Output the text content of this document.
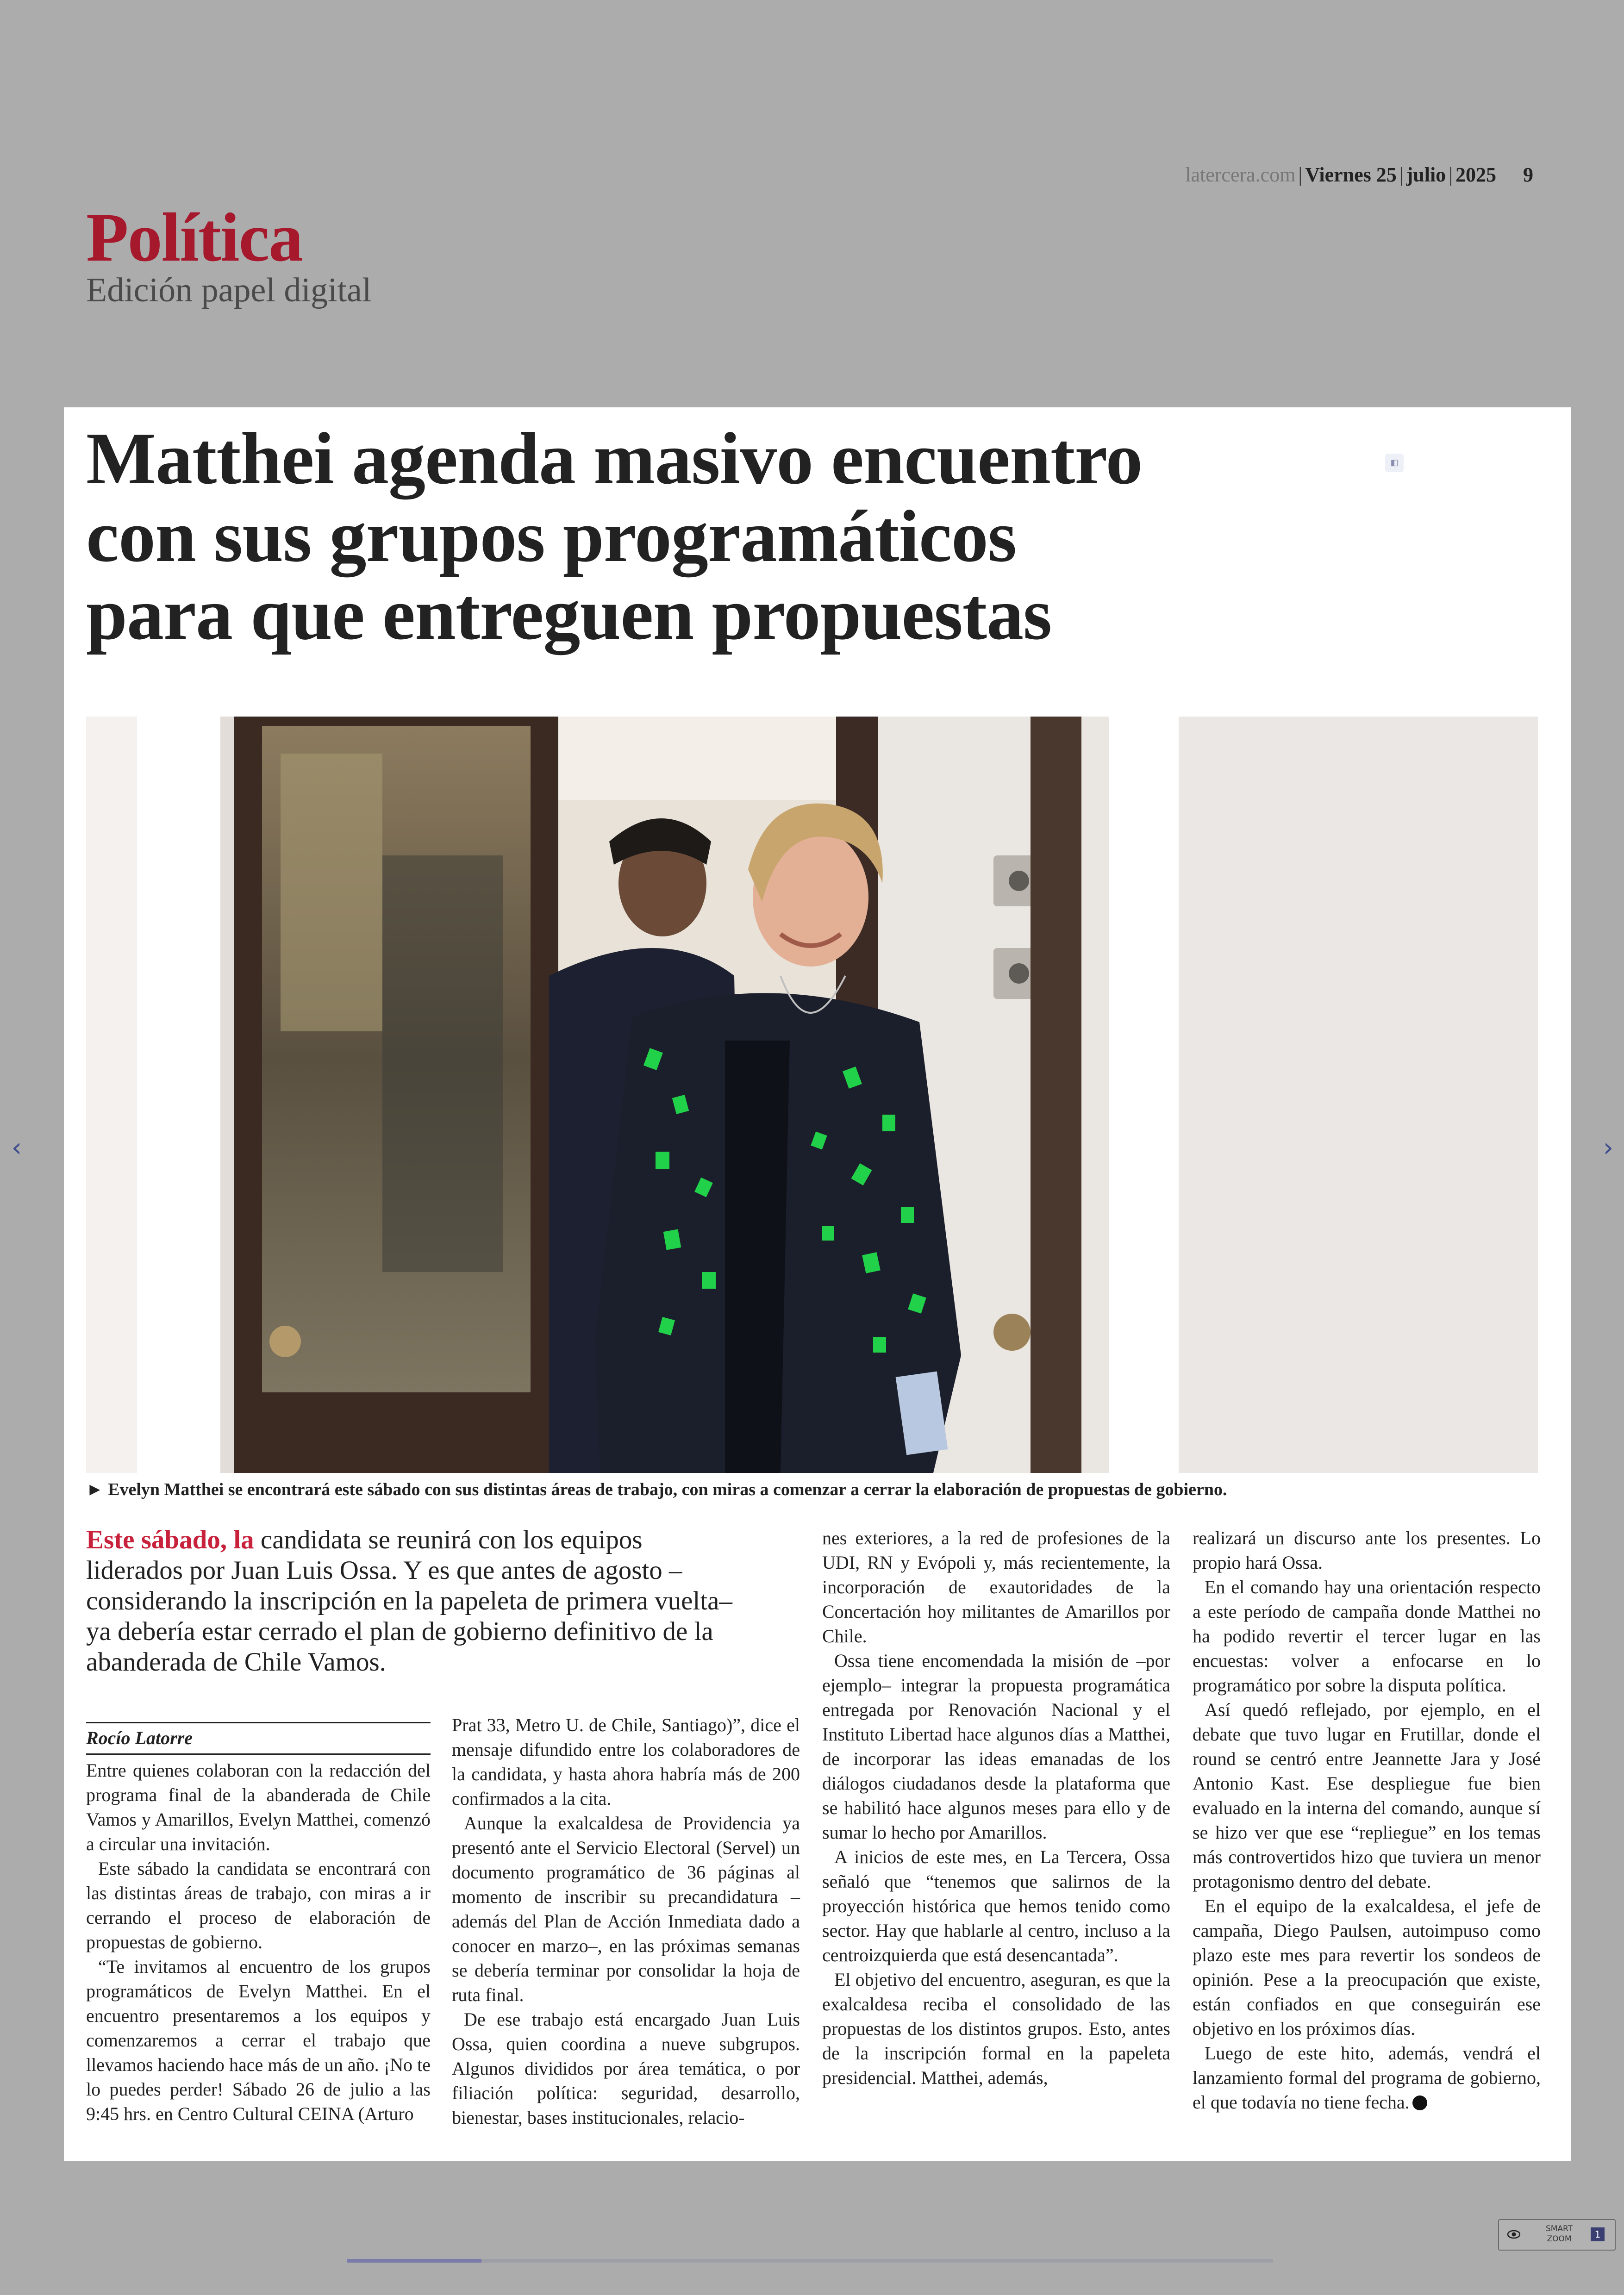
latercera.com | Viernes 25 | julio | 2025 9
Política
Edición papel digital
Matthei agenda masivo encuentro
con sus grupos programáticos
para que entreguen propuestas
◧
► Evelyn Matthei se encontrará este sábado con sus distintas áreas de trabajo, con miras a comenzar a cerrar la elaboración de propuestas de gobierno.
Este sábado, la candidata se reunirá con los equipos liderados por Juan Luis Ossa. Y es que antes de agosto –considerando la inscripción en la papeleta de primera vuelta– ya debería estar cerrado el plan de gobierno definitivo de la abanderada de Chile Vamos.
Rocío Latorre

Entre quienes colaboran con la redacción del programa final de la abanderada de Chile Vamos y Amarillos, Evelyn Matthei, comenzó a circular una invitación.

Este sábado la candidata se encontrará con las distintas áreas de trabajo, con miras a ir cerrando el proceso de elaboración de propuestas de gobierno.

“Te invitamos al encuentro de los grupos programáticos de Evelyn Matthei. En el encuentro presentaremos a los equipos y comenzaremos a cerrar el trabajo que llevamos haciendo hace más de un año. ¡No te lo puedes perder! Sábado 26 de julio a las 9:45 hrs. en Centro Cultural CEINA (Arturo

Prat 33, Metro U. de Chile, Santiago)”, dice el mensaje difundido entre los colaboradores de la candidata, y hasta ahora habría más de 200 confirmados a la cita.

Aunque la exalcaldesa de Providencia ya presentó ante el Servicio Electoral (Servel) un documento programático de 36 páginas al momento de inscribir su precandidatura –además del Plan de Acción Inmediata dado a conocer en marzo–, en las próximas semanas se debería terminar por consolidar la hoja de ruta final.

De ese trabajo está encargado Juan Luis Ossa, quien coordina a nueve subgrupos. Algunos divididos por área temática, o por filiación política: seguridad, desarrollo, bienestar, bases institucionales, relacio-

nes exteriores, a la red de profesiones de la UDI, RN y Evópoli y, más recientemente, la incorporación de exautoridades de la Concertación hoy militantes de Amarillos por Chile.

Ossa tiene encomendada la misión de –por ejemplo– integrar la propuesta programática entregada por Renovación Nacional y el Instituto Libertad hace algunos días a Matthei, de incorporar las ideas emanadas de los diálogos ciudadanos desde la plataforma que se habilitó hace algunos meses para ello y de sumar lo hecho por Amarillos.

A inicios de este mes, en La Tercera, Ossa señaló que “tenemos que salirnos de la proyección histórica que hemos tenido como sector. Hay que hablarle al centro, incluso a la centroizquierda que está desencantada”.

El objetivo del encuentro, aseguran, es que la exalcaldesa reciba el consolidado de las propuestas de los distintos grupos. Esto, antes de la inscripción formal en la papeleta presidencial. Matthei, además,

realizará un discurso ante los presentes. Lo propio hará Ossa.

En el comando hay una orientación respecto a este período de campaña donde Matthei no ha podido revertir el tercer lugar en las encuestas: volver a enfocarse en lo programático por sobre la disputa política.

Así quedó reflejado, por ejemplo, en el debate que tuvo lugar en Frutillar, donde el round se centró entre Jeannette Jara y José Antonio Kast. Ese despliegue fue bien evaluado en la interna del comando, aunque sí se hizo ver que ese “repliegue” en los temas más controvertidos hizo que tuviera un menor protagonismo dentro del debate.

En el equipo de la exalcaldesa, el jefe de campaña, Diego Paulsen, autoimpuso como plazo este mes para revertir los sondeos de opinión. Pese a la preocupación que existe, están confiados en que conseguirán ese objetivo en los próximos días.

Luego de este hito, además, vendrá el lanzamiento formal del programa de gobierno, el que todavía no tiene fecha.

‹	›
SMART
ZOOM	1
